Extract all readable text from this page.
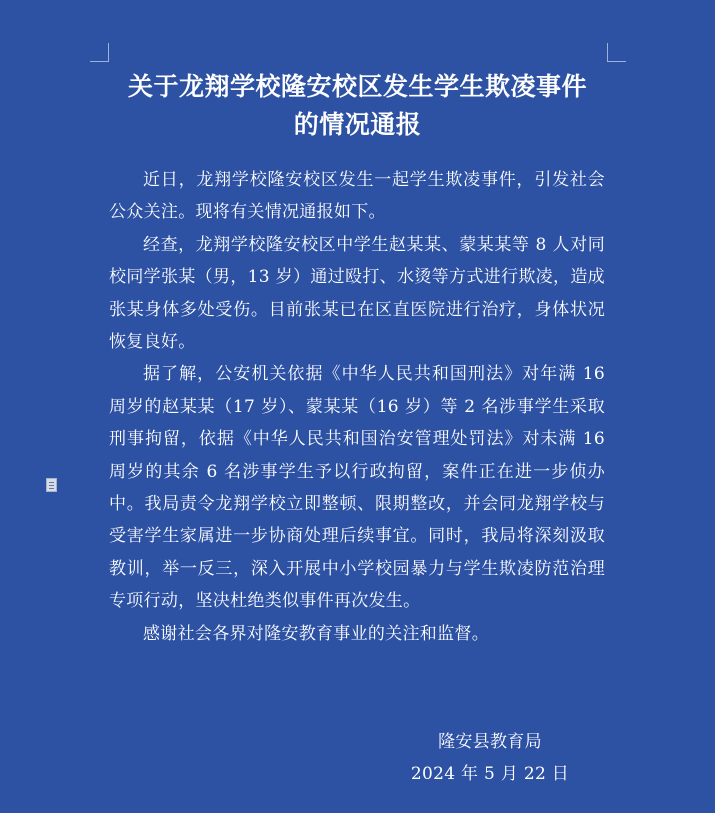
关于龙翔学校隆安校区发生学生欺凌事件
的情况通报

近日，龙翔学校隆安校区发生一起学生欺凌事件，引发社会公众关注。现将有关情况通报如下。

经查，龙翔学校隆安校区中学生赵某某、蒙某某等 8 人对同校同学张某（男，13 岁）通过殴打、水烫等方式进行欺凌，造成张某身体多处受伤。目前张某已在区直医院进行治疗，身体状况恢复良好。

据了解，公安机关依据《中华人民共和国刑法》对年满 16 周岁的赵某某（17 岁）、蒙某某（16 岁）等 2 名涉事学生采取刑事拘留，依据《中华人民共和国治安管理处罚法》对未满 16 周岁的其余 6 名涉事学生予以行政拘留，案件正在进一步侦办中。我局责令龙翔学校立即整顿、限期整改，并会同龙翔学校与受害学生家属进一步协商处理后续事宜。同时，我局将深刻汲取教训，举一反三，深入开展中小学校园暴力与学生欺凌防范治理专项行动，坚决杜绝类似事件再次发生。

感谢社会各界对隆安教育事业的关注和监督。

隆安县教育局
2024 年 5 月 22 日
